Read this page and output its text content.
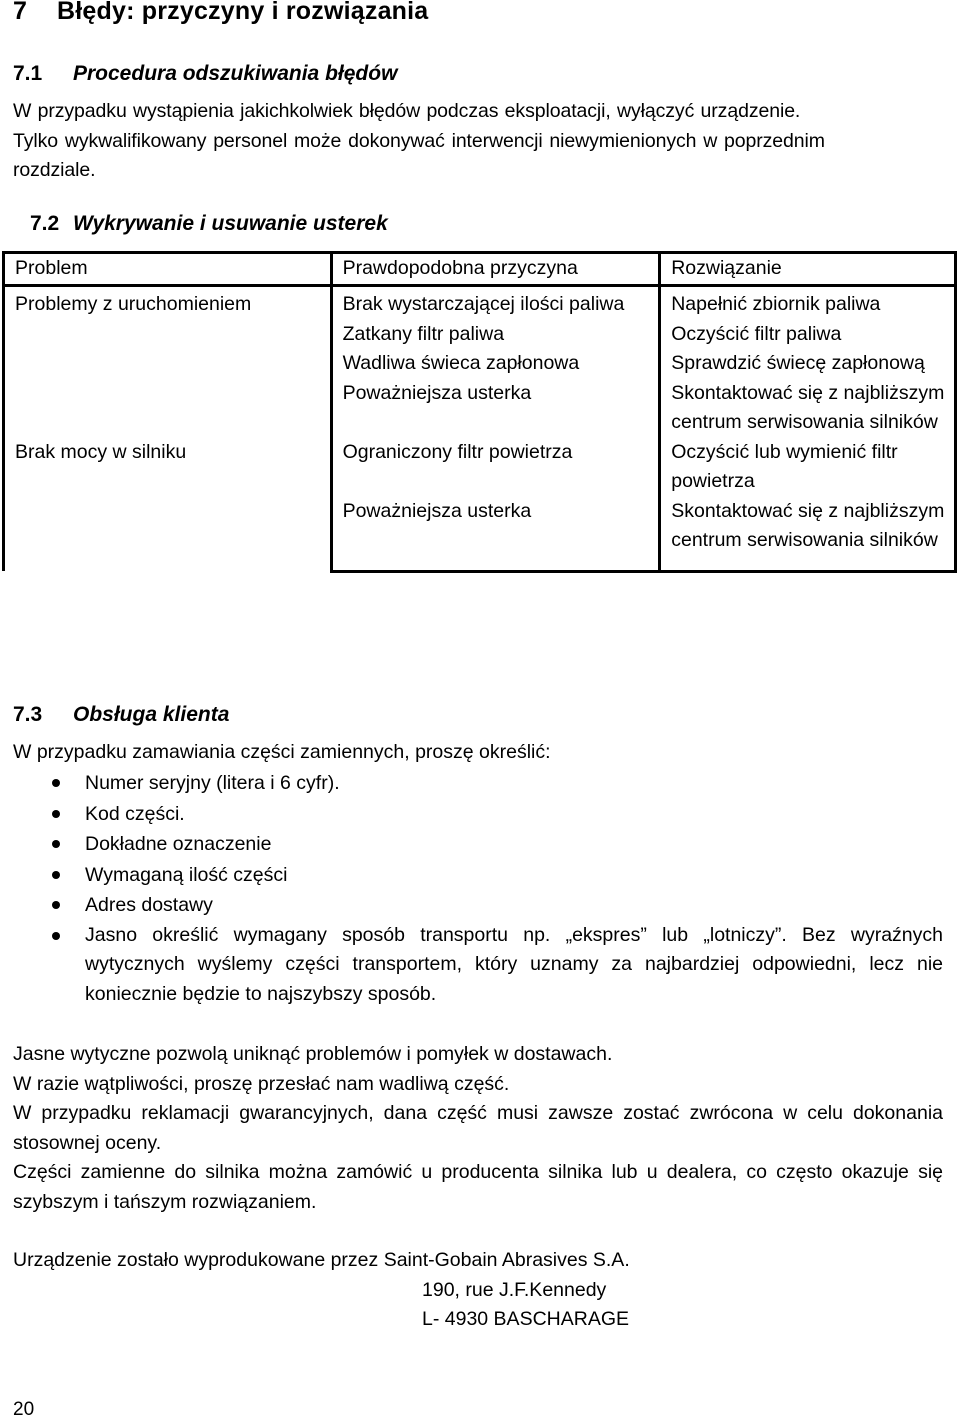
7 Błędy: przyczyny i rozwiązania
7.1 Procedura odszukiwania błędów
W przypadku wystąpienia jakichkolwiek błędów podczas eksploatacji, wyłączyć urządzenie.
Tylko wykwalifikowany personel może dokonywać interwencji niewymienionych w poprzednim
rozdziale.
7.2 Wykrywanie i usuwanie usterek
Problem	Prawdopodobna przyczyna	Rozwiązanie
Problemy z uruchomieniem	Brak wystarczającej ilości paliwa	Napełnić zbiornik paliwa
	Zatkany filtr paliwa	Oczyścić filtr paliwa
	Wadliwa świeca zapłonowa	Sprawdzić świecę zapłonową
	Poważniejsza usterka	Skontaktować się z najbliższym centrum serwisowania silników
Brak mocy w silniku	Ograniczony filtr powietrza	Oczyścić lub wymienić filtr powietrza
	Poważniejsza usterka	Skontaktować się z najbliższym centrum serwisowania silników
7.3 Obsługa klienta
W przypadku zamawiania części zamiennych, proszę określić:
Numer seryjny (litera i 6 cyfr).
Kod części.
Dokładne oznaczenie
Wymaganą ilość części
Adres dostawy
Jasno określić wymagany sposób transportu np. „ekspres” lub „lotniczy”. Bez wyraźnych wytycznych wyślemy części transportem, który uznamy za najbardziej odpowiedni, lecz nie koniecznie będzie to najszybszy sposób.
Jasne wytyczne pozwolą uniknąć problemów i pomyłek w dostawach.
W razie wątpliwości, proszę przesłać nam wadliwą część.
W przypadku reklamacji gwarancyjnych, dana część musi zawsze zostać zwrócona w celu dokonania stosownej oceny.
Części zamienne do silnika można zamówić u producenta silnika lub u dealera, co często okazuje się szybszym i tańszym rozwiązaniem.
Urządzenie zostało wyprodukowane przez Saint-Gobain Abrasives S.A.
190, rue J.F.Kennedy
L- 4930 BASCHARAGE
20
